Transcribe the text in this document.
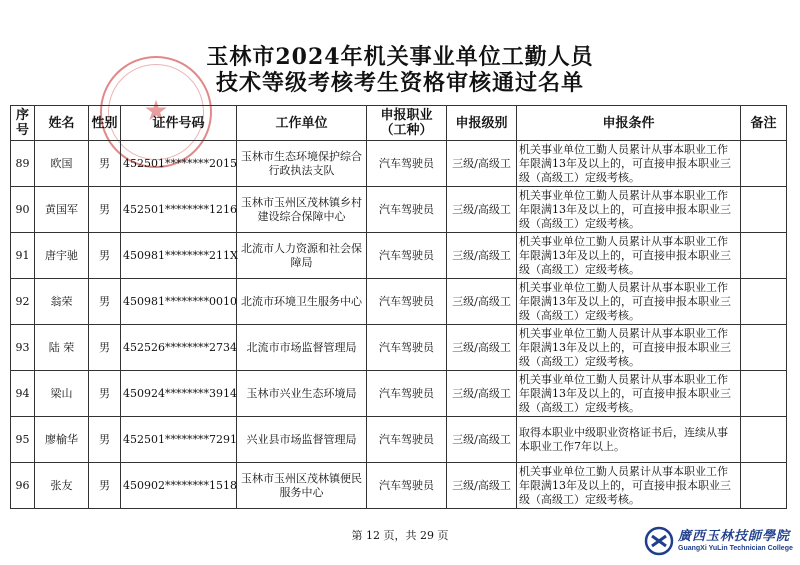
玉林市2024年机关事业单位工勤人员
技术等级考核考生资格审核通过名单
★
序号	姓名	性别	证件号码	工作单位	申报职业（工种）	申报级别	申报条件	备注
89	欧国	男	452501********2015	玉林市生态环境保护综合行政执法支队	汽车驾驶员	三级/高级工	机关事业单位工勤人员累计从事本职业工作年限满13年及以上的，可直接申报本职业三级（高级工）定级考核。	
90	黄国军	男	452501********1216	玉林市玉州区茂林镇乡村建设综合保障中心	汽车驾驶员	三级/高级工	机关事业单位工勤人员累计从事本职业工作年限满13年及以上的，可直接申报本职业三级（高级工）定级考核。	
91	唐宇驰	男	450981********211X	北流市人力资源和社会保障局	汽车驾驶员	三级/高级工	机关事业单位工勤人员累计从事本职业工作年限满13年及以上的，可直接申报本职业三级（高级工）定级考核。	
92	翁荣	男	450981********0010	北流市环境卫生服务中心	汽车驾驶员	三级/高级工	机关事业单位工勤人员累计从事本职业工作年限满13年及以上的，可直接申报本职业三级（高级工）定级考核。	
93	陆 荣	男	452526********2734	北流市市场监督管理局	汽车驾驶员	三级/高级工	机关事业单位工勤人员累计从事本职业工作年限满13年及以上的，可直接申报本职业三级（高级工）定级考核。	
94	梁山	男	450924********3914	玉林市兴业生态环境局	汽车驾驶员	三级/高级工	机关事业单位工勤人员累计从事本职业工作年限满13年及以上的，可直接申报本职业三级（高级工）定级考核。	
95	廖榆华	男	452501********7291	兴业县市场监督管理局	汽车驾驶员	三级/高级工	取得本职业中级职业资格证书后，连续从事本职业工作7年以上。	
96	张友	男	450902********1518	玉林市玉州区茂林镇便民服务中心	汽车驾驶员	三级/高级工	机关事业单位工勤人员累计从事本职业工作年限满13年及以上的，可直接申报本职业三级（高级工）定级考核。	
第 12 页，共 29 页	廣西玉林技師學院
GuangXi YuLin Technician College
